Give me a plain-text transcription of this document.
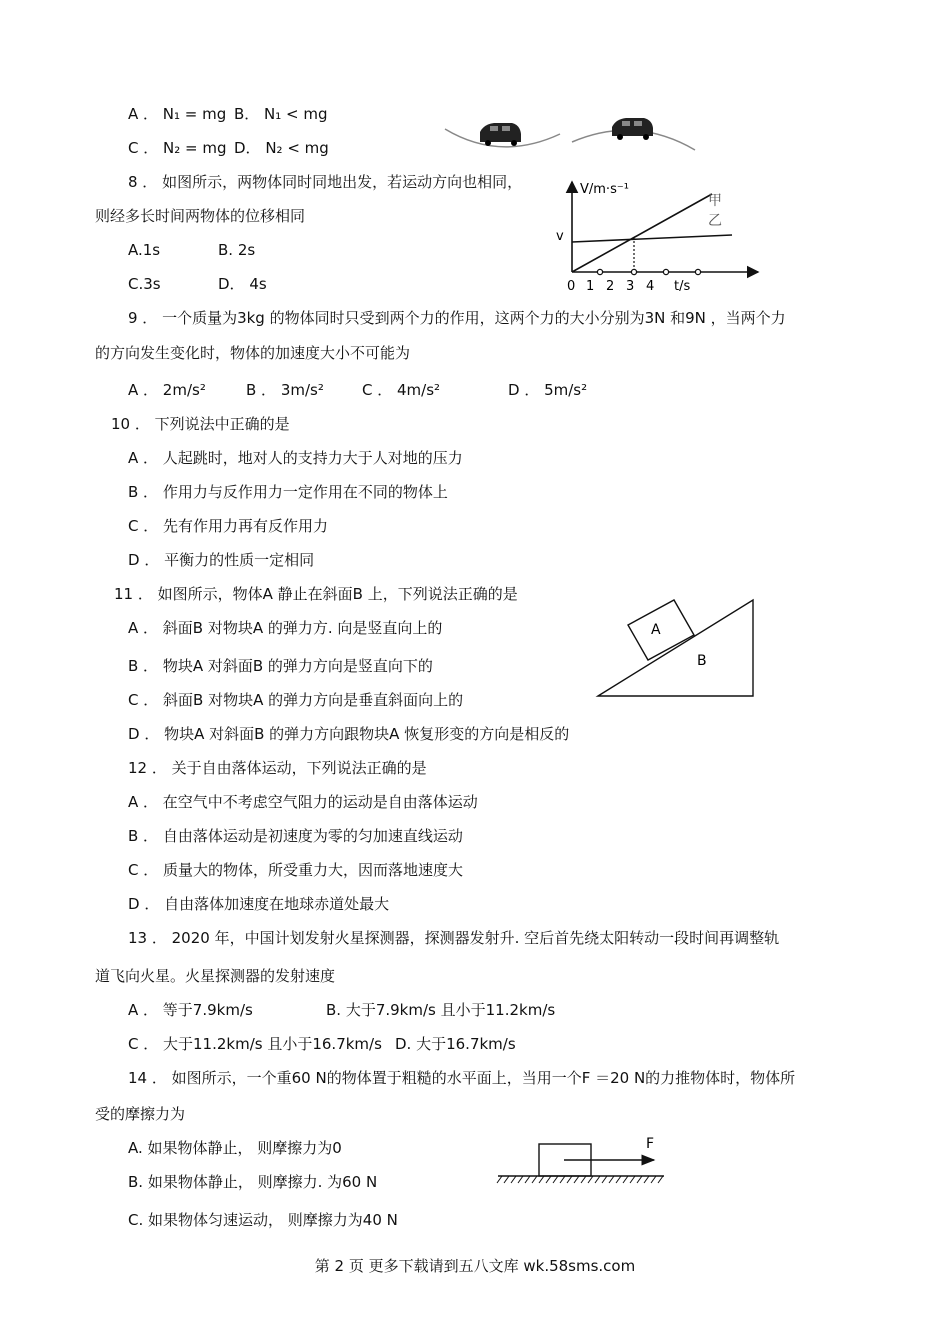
A ． N₁ = mg B． N₁ < mg
C ． N₂ = mg D． N₂ < mg
8 ． 如图所示，两物体同时同地出发，若运动方向也相同，
则经多长时间两物体的位移相同
A.1s	B. 2s
C.3s	D． 4s
V/m·s⁻¹
v
甲
乙
0 1 2 3 4 t/s
9 ． 一个质量为3kg 的物体同时只受到两个力的作用，这两个力的大小分别为3N 和9N ，当两个力
的方向发生变化时，物体的加速度大小不可能为
A ． 2m/s²	B ． 3m/s²	C ． 4m/s²	D ． 5m/s²
10 ． 下列说法中正确的是
A ． 人起跳时，地对人的支持力大于人对地的压力
B ． 作用力与反作用力一定作用在不同的物体上
C ． 先有作用力再有反作用力
D ． 平衡力的性质一定相同
11 ． 如图所示，物体A 静止在斜面B 上，下列说法正确的是
A ． 斜面B 对物块A 的弹力方. 向是竖直向上的
B ． 物块A 对斜面B 的弹力方向是竖直向下的
C ． 斜面B 对物块A 的弹力方向是垂直斜面向上的
D ． 物块A 对斜面B 的弹力方向跟物块A 恢复形变的方向是相反的
A
B
12 ． 关于自由落体运动，下列说法正确的是
A ． 在空气中不考虑空气阻力的运动是自由落体运动
B ． 自由落体运动是初速度为零的匀加速直线运动
C ． 质量大的物体，所受重力大，因而落地速度大
D ． 自由落体加速度在地球赤道处最大
13 ． 2020 年，中国计划发射火星探测器，探测器发射升. 空后首先绕太阳转动一段时间再调整轨
道飞向火星。火星探测器的发射速度
A ． 等于7.9km/s	B. 大于7.9km/s 且小于11.2km/s
C ． 大于11.2km/s 且小于16.7km/s D. 大于16.7km/s
14 ． 如图所示，一个重60 N的物体置于粗糙的水平面上，当用一个F ＝20 N的力推物体时，物体所
受的摩擦力为
A. 如果物体静止， 则摩擦力为0
B. 如果物体静止， 则摩擦力. 为60 N
C. 如果物体匀速运动， 则摩擦力为40 N
F
第 2 页 更多下载请到五八文库 wk.58sms.com
